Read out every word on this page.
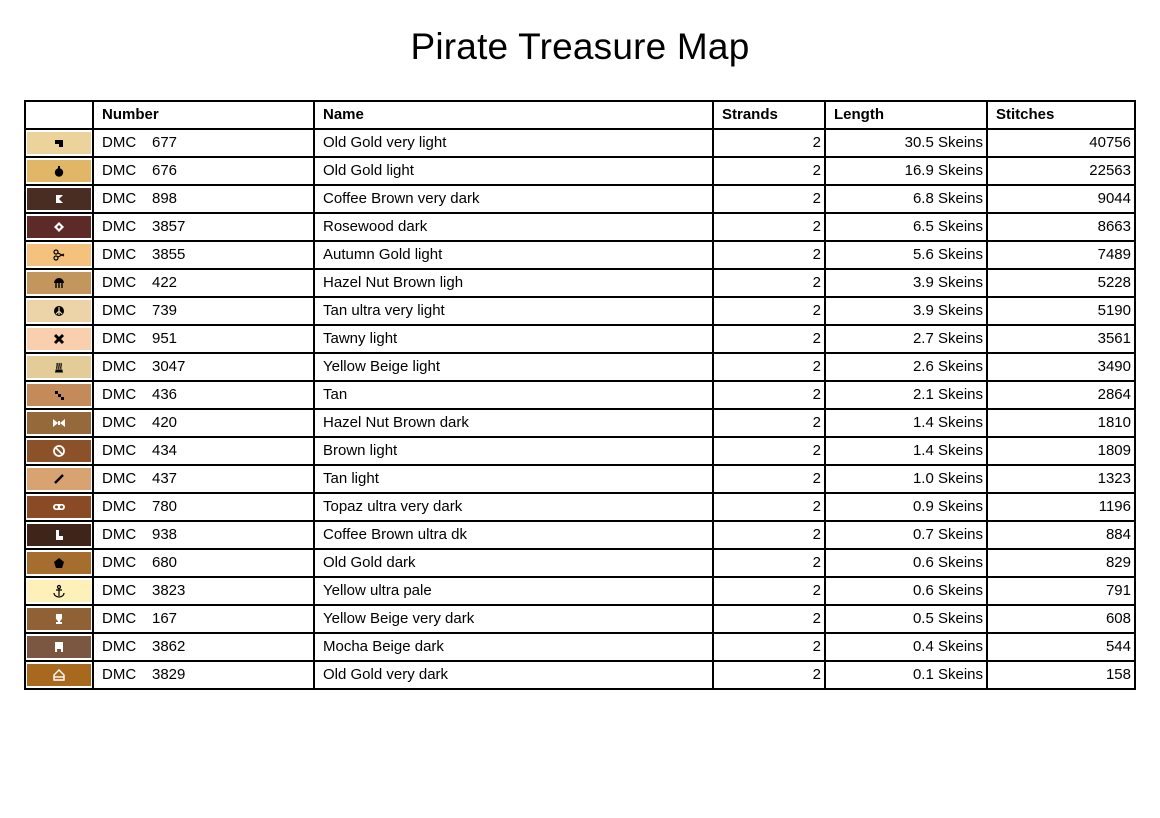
Pirate Treasure Map
	Number	Name	Strands	Length	Stitches

	DMC 677	Old Gold very light	2	30.5 Skeins	40756

	DMC 676	Old Gold light	2	16.9 Skeins	22563

	DMC 898	Coffee Brown very dark	2	6.8 Skeins	9044

	DMC 3857	Rosewood dark	2	6.5 Skeins	8663

	DMC 3855	Autumn Gold light	2	5.6 Skeins	7489

	DMC 422	Hazel Nut Brown ligh	2	3.9 Skeins	5228

	DMC 739	Tan ultra very light	2	3.9 Skeins	5190

	DMC 951	Tawny light	2	2.7 Skeins	3561

	DMC 3047	Yellow Beige light	2	2.6 Skeins	3490

	DMC 436	Tan	2	2.1 Skeins	2864

	DMC 420	Hazel Nut Brown dark	2	1.4 Skeins	1810

	DMC 434	Brown light	2	1.4 Skeins	1809

	DMC 437	Tan light	2	1.0 Skeins	1323

	DMC 780	Topaz ultra very dark	2	0.9 Skeins	1196

	DMC 938	Coffee Brown ultra dk	2	0.7 Skeins	884

	DMC 680	Old Gold dark	2	0.6 Skeins	829

	DMC 3823	Yellow ultra pale	2	0.6 Skeins	791

	DMC 167	Yellow Beige very dark	2	0.5 Skeins	608

	DMC 3862	Mocha Beige dark	2	0.4 Skeins	544

	DMC 3829	Old Gold very dark	2	0.1 Skeins	158
